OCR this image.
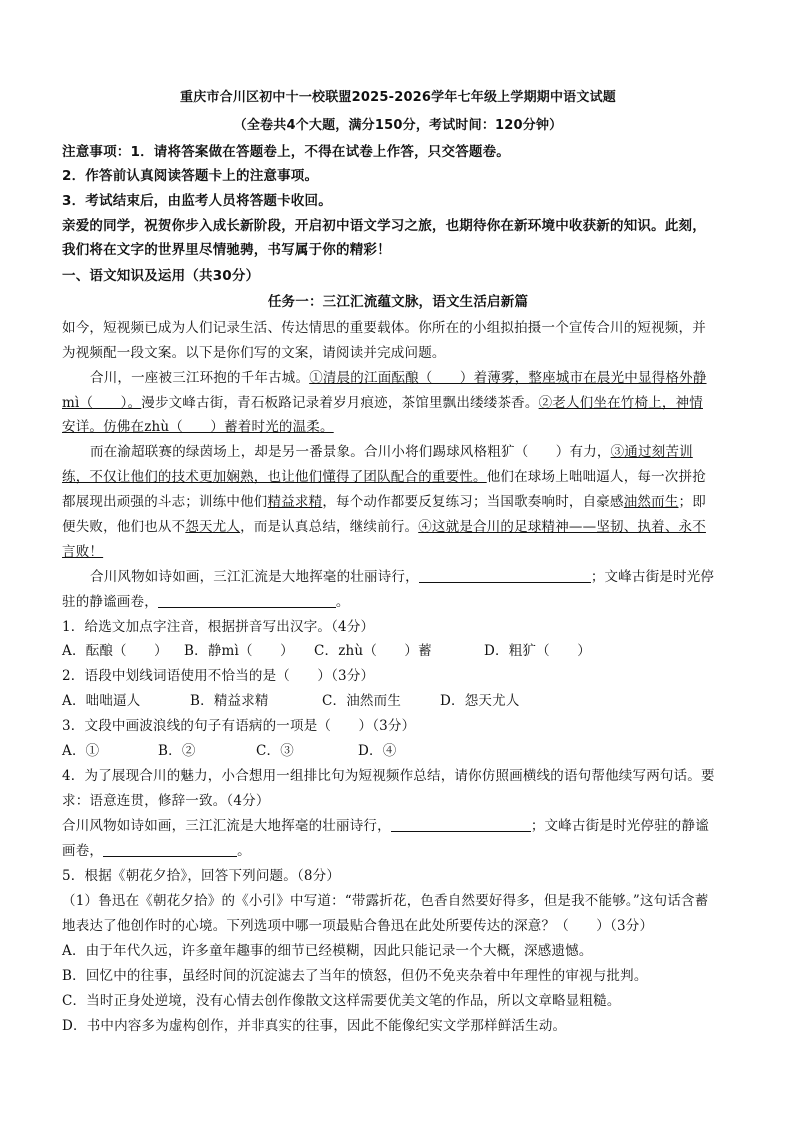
重庆市合川区初中十一校联盟2025-2026学年七年级上学期期中语文试题
（全卷共4个大题，满分150分，考试时间：120分钟）
注意事项：1．请将答案做在答题卷上，不得在试卷上作答，只交答题卷。
2．作答前认真阅读答题卡上的注意事项。
3．考试结束后，由监考人员将答题卡收回。
亲爱的同学，祝贺你步入成长新阶段，开启初中语文学习之旅，也期待你在新环境中收获新的知识。此刻，
我们将在文字的世界里尽情驰骋，书写属于你的精彩！
一、语文知识及运用（共30分）
任务一：三江汇流蕴文脉，语文生活启新篇
如今，短视频已成为人们记录生活、传达情思的重要载体。你所在的小组拟拍摄一个宣传合川的短视频，并
为视频配一段文案。以下是你们写的文案，请阅读并完成问题。
合川，一座被三江环抱的千年古城。①清晨的江面酝酿（　　）着薄雾，整座城市在晨光中显得格外静
mì（　　）。漫步文峰古街，青石板路记录着岁月痕迹，茶馆里飘出缕缕茶香。②老人们坐在竹椅上，神情
安详。仿佛在zhù（　　）蓄着时光的温柔。
而在渝超联赛的绿茵场上，却是另一番景象。合川小将们踢球风格粗犷（　　）有力，③通过刻苦训
练，不仅让他们的技术更加娴熟，也让他们懂得了团队配合的重要性。他们在球场上咄咄逼人，每一次拼抢
都展现出顽强的斗志；训练中他们精益求精，每个动作都要反复练习；当国歌奏响时，自豪感油然而生；即
便失败，他们也从不怨天尤人，而是认真总结，继续前行。④这就是合川的足球精神——坚韧、执着、永不
言败！
合川风物如诗如画，三江汇流是大地挥毫的壮丽诗行，	；文峰古街是时光停
驻的静谧画卷，	。
1．给选文加点字注音，根据拼音写出汉字。（4分）
A．酝酿（　　） B．静mì（　　） C．zhù（　　）蓄	D．粗犷（　　）
2．语段中划线词语使用不恰当的是（　　）（3分）
A．咄咄逼人	B．精益求精	C．油然而生	D．怨天尤人
3．文段中画波浪线的句子有语病的一项是（　　）（3分）
A．①	B．②	C．③	D．④
4．为了展现合川的魅力，小合想用一组排比句为短视频作总结，请你仿照画横线的语句帮他续写两句话。要
求：语意连贯，修辞一致。（4分）
合川风物如诗如画，三江汇流是大地挥毫的壮丽诗行，	；文峰古街是时光停驻的静谧
画卷，	。
5．根据《朝花夕拾》，回答下列问题。（8分）
（1）鲁迅在《朝花夕拾》的《小引》中写道：“带露折花，色香自然要好得多，但是我不能够。”这句话含蓄
地表达了他创作时的心境。下列选项中哪一项最贴合鲁迅在此处所要传达的深意？（　　）（3分）
A．由于年代久远，许多童年趣事的细节已经模糊，因此只能记录一个大概，深感遗憾。
B．回忆中的往事，虽经时间的沉淀滤去了当年的愤怒，但仍不免夹杂着中年理性的审视与批判。
C．当时正身处逆境，没有心情去创作像散文这样需要优美文笔的作品，所以文章略显粗糙。
D．书中内容多为虚构创作，并非真实的往事，因此不能像纪实文学那样鲜活生动。
